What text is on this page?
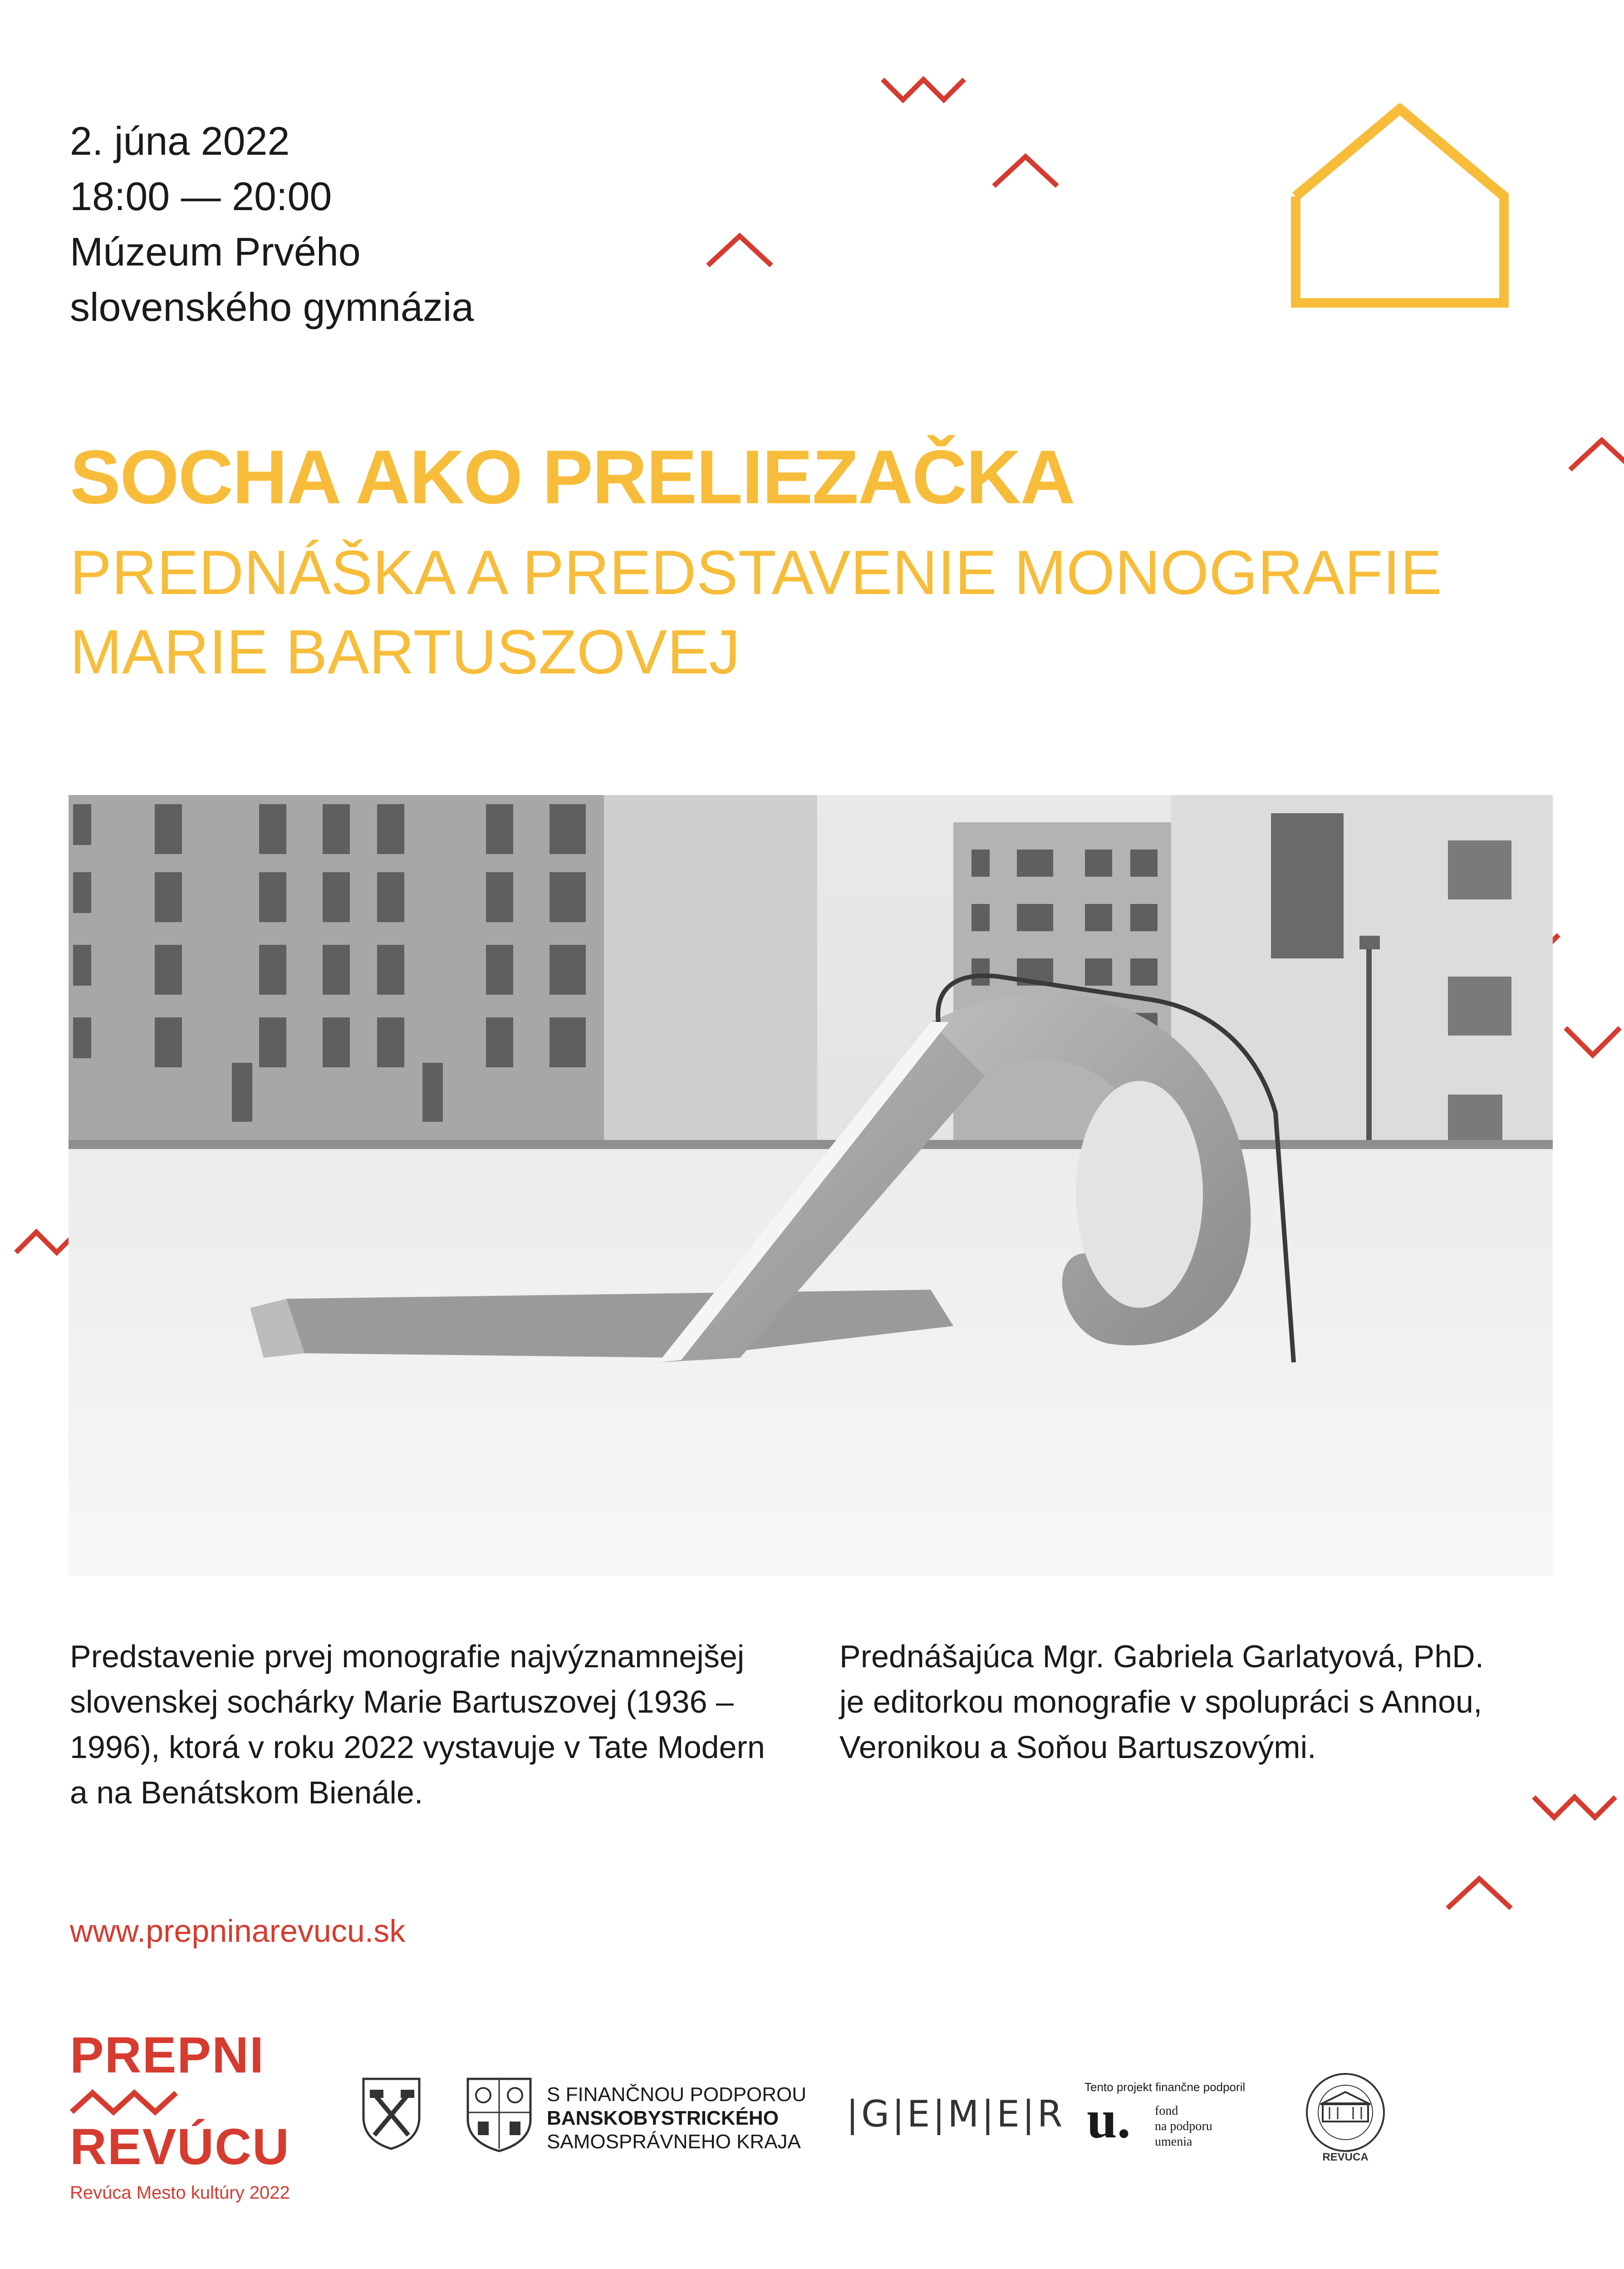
2. júna 2022
18:00 — 20:00
Múzeum Prvého
slovenského gymnázia
SOCHA AKO PRELIEZAČKA
PREDNÁŠKA A PREDSTAVENIE MONOGRAFIE
MARIE BARTUSZOVEJ
Predstavenie prvej monografie najvýznamnejšej
slovenskej sochárky Marie Bartuszovej (1936 –
1996), ktorá v roku 2022 vystavuje v Tate Modern
a na Benátskom Bienále.
Prednášajúca Mgr. Gabriela Garlatyová, PhD.
je editorkou monografie v spolupráci s Annou,
Veronikou a Soňou Bartuszovými.
www.prepninarevucu.sk
PREPNI
REVÚCU
Revúca Mesto kultúry 2022
S FINANČNOU PODPOROU
BANSKOBYSTRICKÉHO
SAMOSPRÁVNEHO KRAJA
|G|E|M|E|R
Tento projekt finančne podporil
u. fond
na podporu
umenia
REVÚCA
